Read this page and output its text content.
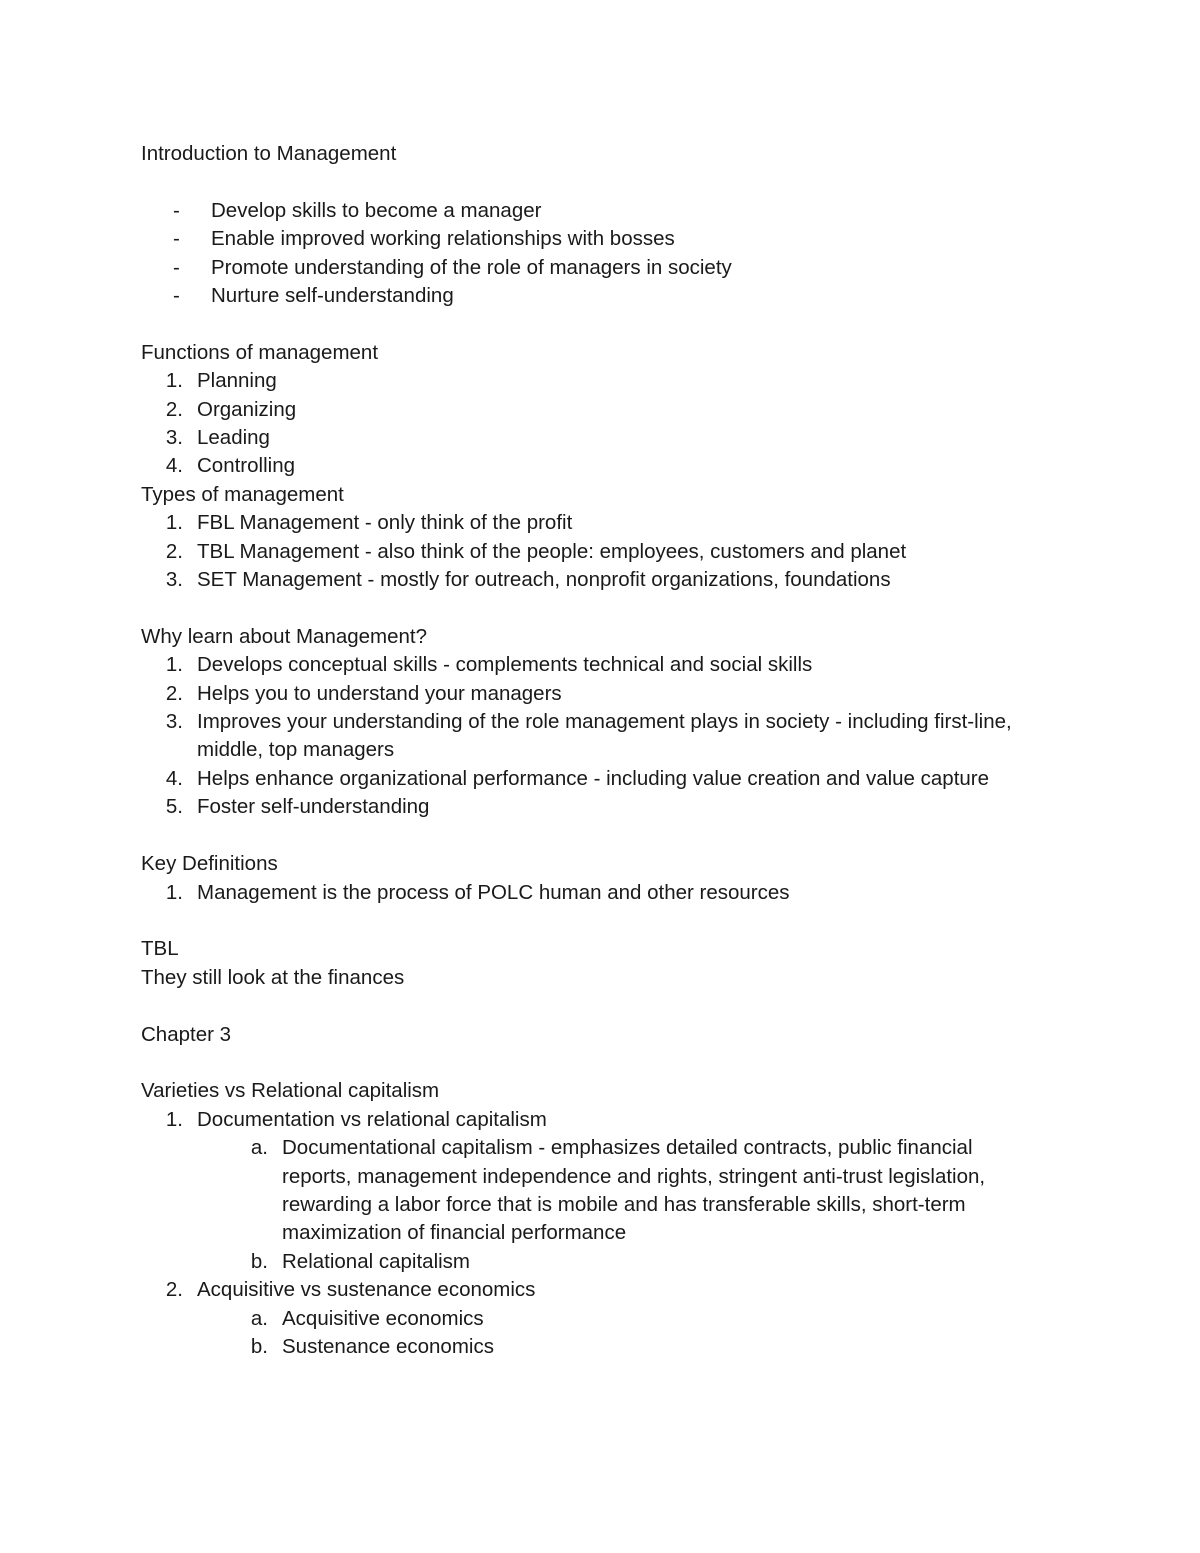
Introduction to Management

-	Develop skills to become a manager
-	Enable improved working relationships with bosses
-	Promote understanding of the role of managers in society
-	Nurture self-understanding

Functions of management

1. Planning
2. Organizing
3. Leading
4. Controlling

Types of management

1. FBL Management - only think of the profit
2. TBL Management - also think of the people: employees, customers and planet
3. SET Management - mostly for outreach, nonprofit organizations, foundations

Why learn about Management?

1. Develops conceptual skills - complements technical and social skills
2. Helps you to understand your managers
3. Improves your understanding of the role management plays in society - including first-line, middle, top managers
4. Helps enhance organizational performance - including value creation and value capture
5. Foster self-understanding

Key Definitions

1. Management is the process of POLC human and other resources

TBL

They still look at the finances

Chapter 3

Varieties vs Relational capitalism

1. Documentation vs relational capitalism
a. Documentational capitalism - emphasizes detailed contracts, public financial reports, management independence and rights, stringent anti-trust legislation, rewarding a labor force that is mobile and has transferable skills, short-term maximization of financial performance
b. Relational capitalism
2. Acquisitive vs sustenance economics
a. Acquisitive economics
b. Sustenance economics
